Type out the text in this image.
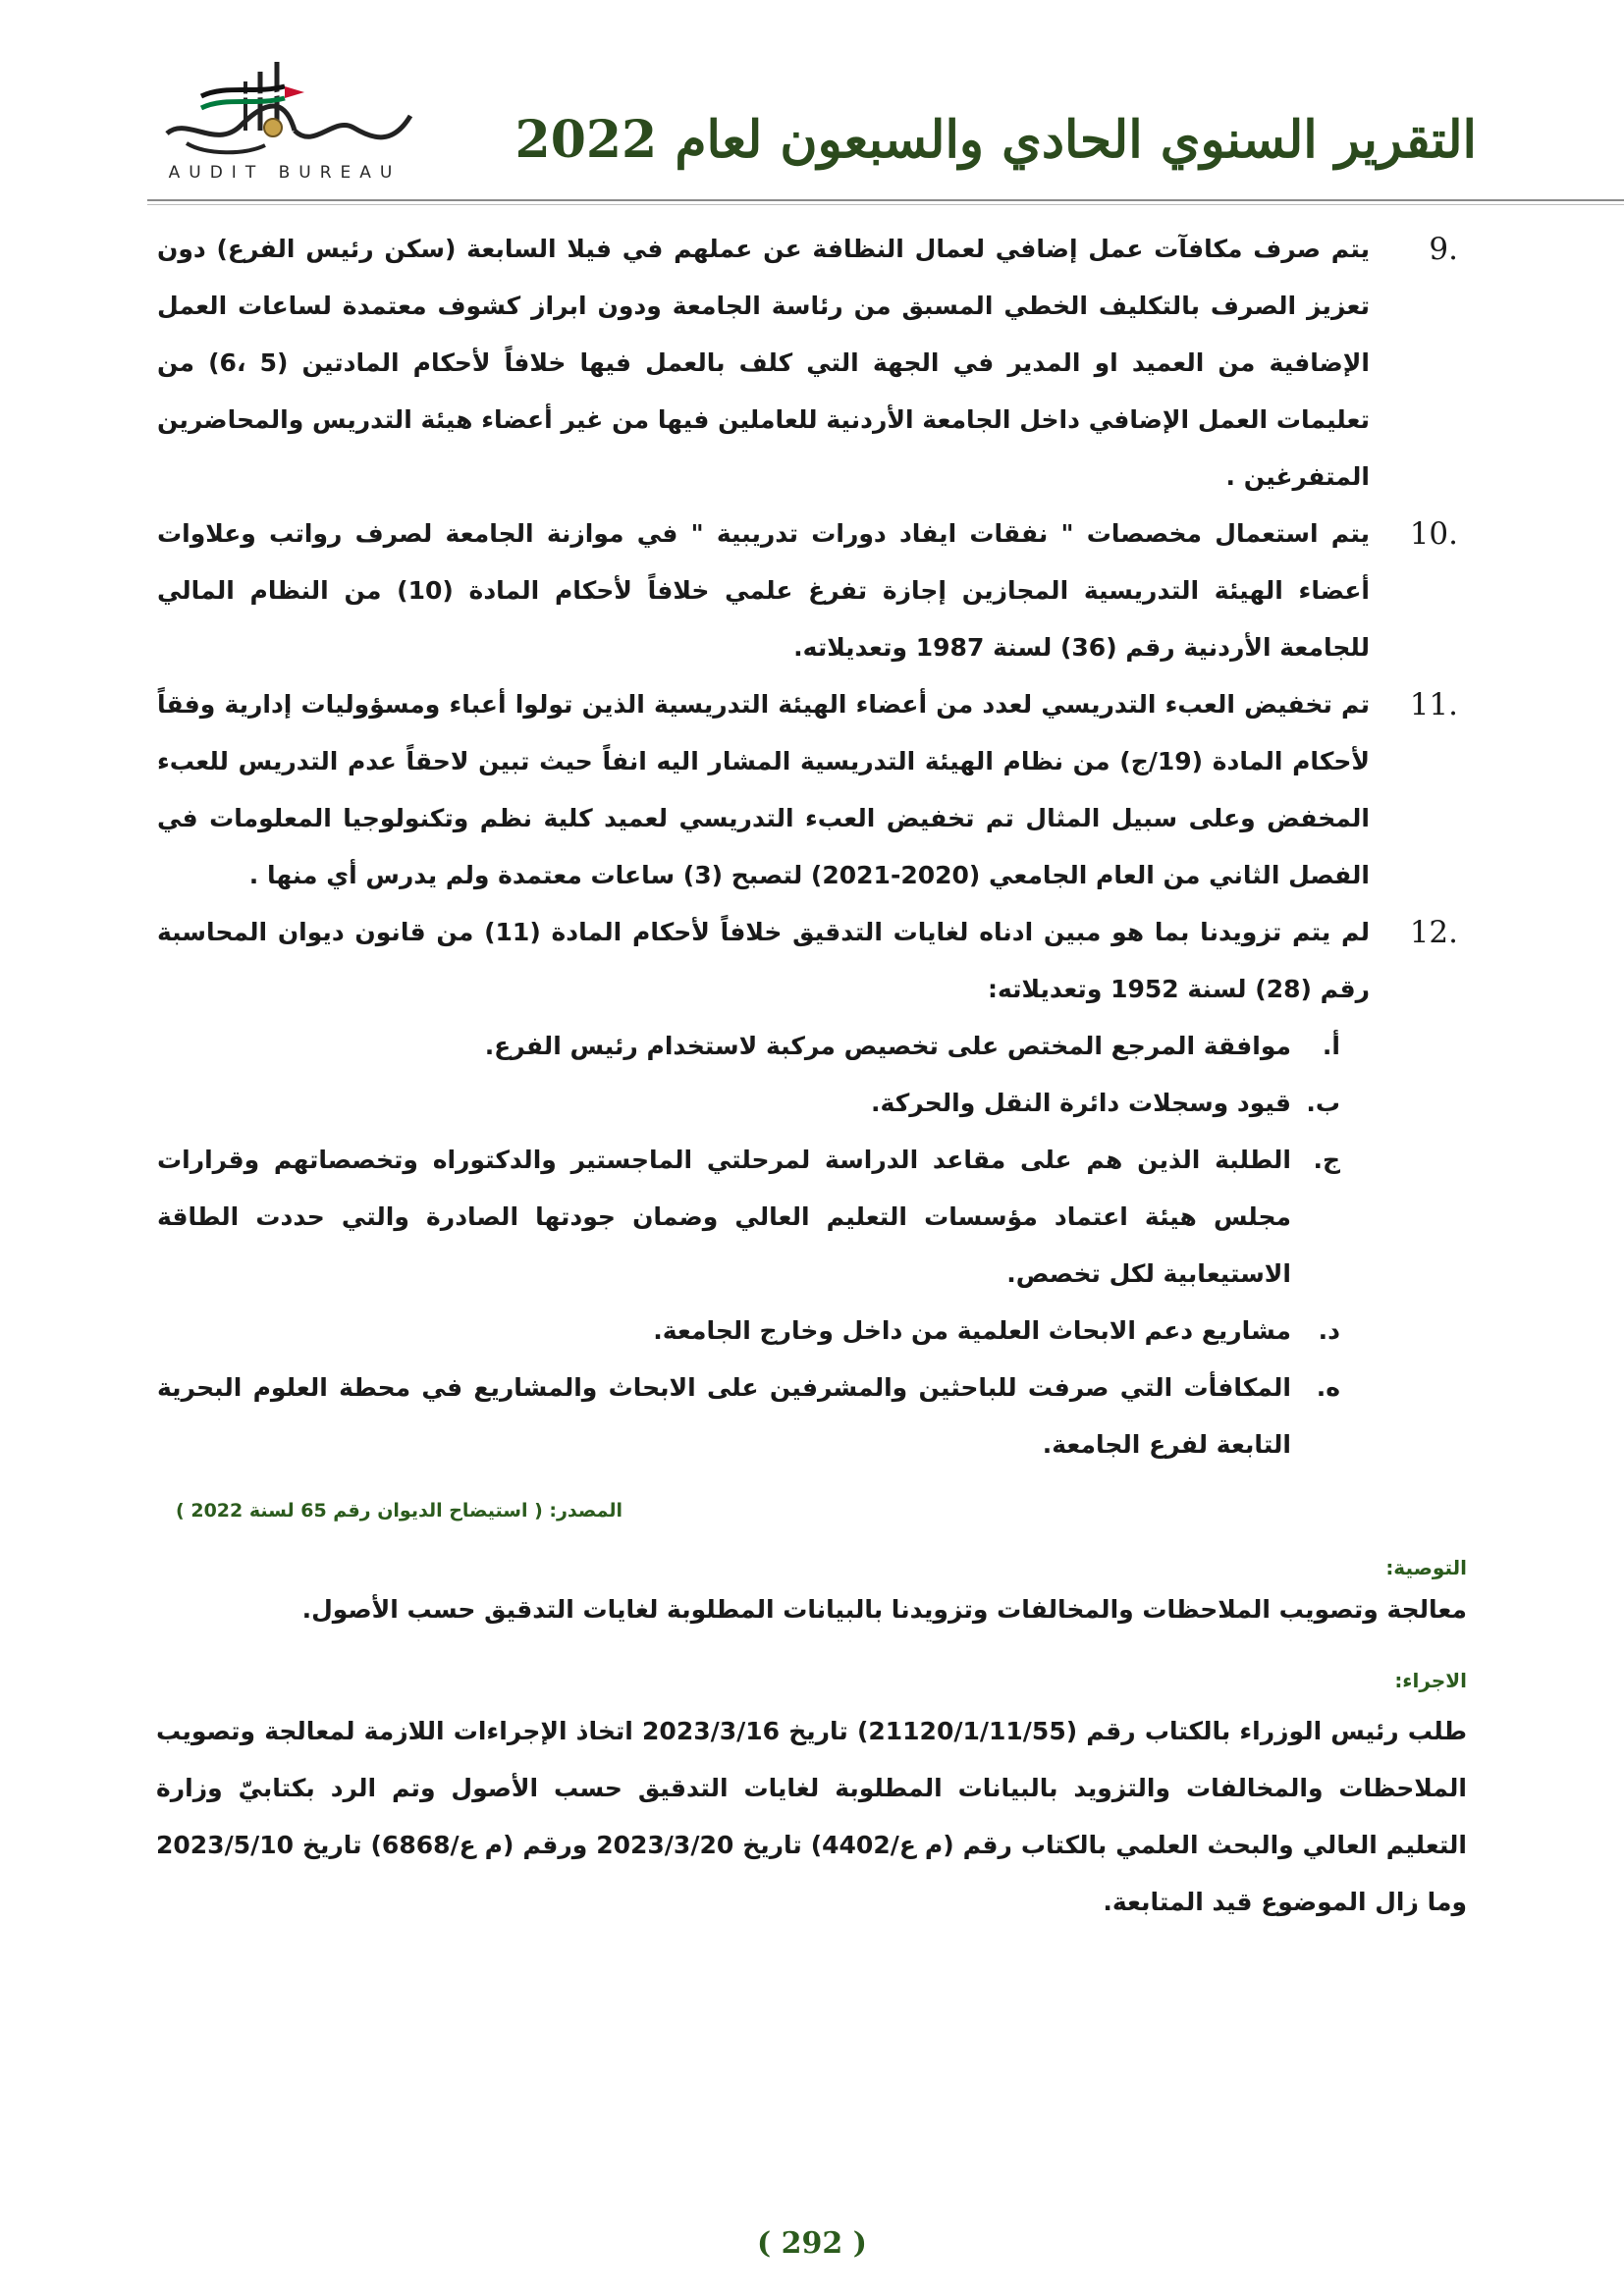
AUDIT BUREAU
التقرير السنوي الحادي والسبعون لعام 2022
.9
يتم صرف مكافآت عمل إضافي لعمال النظافة عن عملهم في فيلا السابعة (سكن رئيس الفرع) دون تعزيز الصرف بالتكليف الخطي المسبق من رئاسة الجامعة ودون ابراز كشوف معتمدة لساعات العمل الإضافية من العميد او المدير في الجهة التي كلف بالعمل فيها خلافاً لأحكام المادتين (5 ،6) من تعليمات العمل الإضافي داخل الجامعة الأردنية للعاملين فيها من غير أعضاء هيئة التدريس والمحاضرين المتفرغين .
.10
يتم استعمال مخصصات " نفقات ايفاد دورات تدريبية " في موازنة الجامعة لصرف رواتب وعلاوات أعضاء الهيئة التدريسية المجازين إجازة تفرغ علمي خلافاً لأحكام المادة (10) من النظام المالي للجامعة الأردنية رقم (36) لسنة 1987 وتعديلاته.
.11
تم تخفيض العبء التدريسي لعدد من أعضاء الهيئة التدريسية الذين تولوا أعباء ومسؤوليات إدارية وفقاً لأحكام المادة (19/ج) من نظام الهيئة التدريسية المشار اليه انفاً حيث تبين لاحقاً عدم التدريس للعبء المخفض وعلى سبيل المثال تم تخفيض العبء التدريسي لعميد كلية نظم وتكنولوجيا المعلومات في الفصل الثاني من العام الجامعي (2020-2021) لتصبح (3) ساعات معتمدة ولم يدرس أي منها .
.12
لم يتم تزويدنا بما هو مبين ادناه لغايات التدقيق خلافاً لأحكام المادة (11) من قانون ديوان المحاسبة رقم (28) لسنة 1952 وتعديلاته:
أ.
موافقة المرجع المختص على تخصيص مركبة لاستخدام رئيس الفرع.
ب.
قيود وسجلات دائرة النقل والحركة.
ج.
الطلبة الذين هم على مقاعد الدراسة لمرحلتي الماجستير والدكتوراه وتخصصاتهم وقرارات مجلس هيئة اعتماد مؤسسات التعليم العالي وضمان جودتها الصادرة والتي حددت الطاقة الاستيعابية لكل تخصص.
د.
مشاريع دعم الابحاث العلمية من داخل وخارج الجامعة.
ه.
المكافأت التي صرفت للباحثين والمشرفين على الابحاث والمشاريع في محطة العلوم البحرية التابعة لفرع الجامعة.
المصدر: ( استيضاح الديوان رقم 65 لسنة 2022 )
التوصية:
معالجة وتصويب الملاحظات والمخالفات وتزويدنا بالبيانات المطلوبة لغايات التدقيق حسب الأصول.
الاجراء:
طلب رئيس الوزراء بالكتاب رقم (21120/1/11/55) تاريخ 2023/3/16 اتخاذ الإجراءات اللازمة لمعالجة وتصويب الملاحظات والمخالفات والتزويد بالبيانات المطلوبة لغايات التدقيق حسب الأصول وتم الرد بكتابيّ وزارة التعليم العالي والبحث العلمي بالكتاب رقم (م ع/4402) تاريخ 2023/3/20 ورقم (م ع/6868) تاريخ 2023/5/10 وما زال الموضوع قيد المتابعة.
( 292 )
